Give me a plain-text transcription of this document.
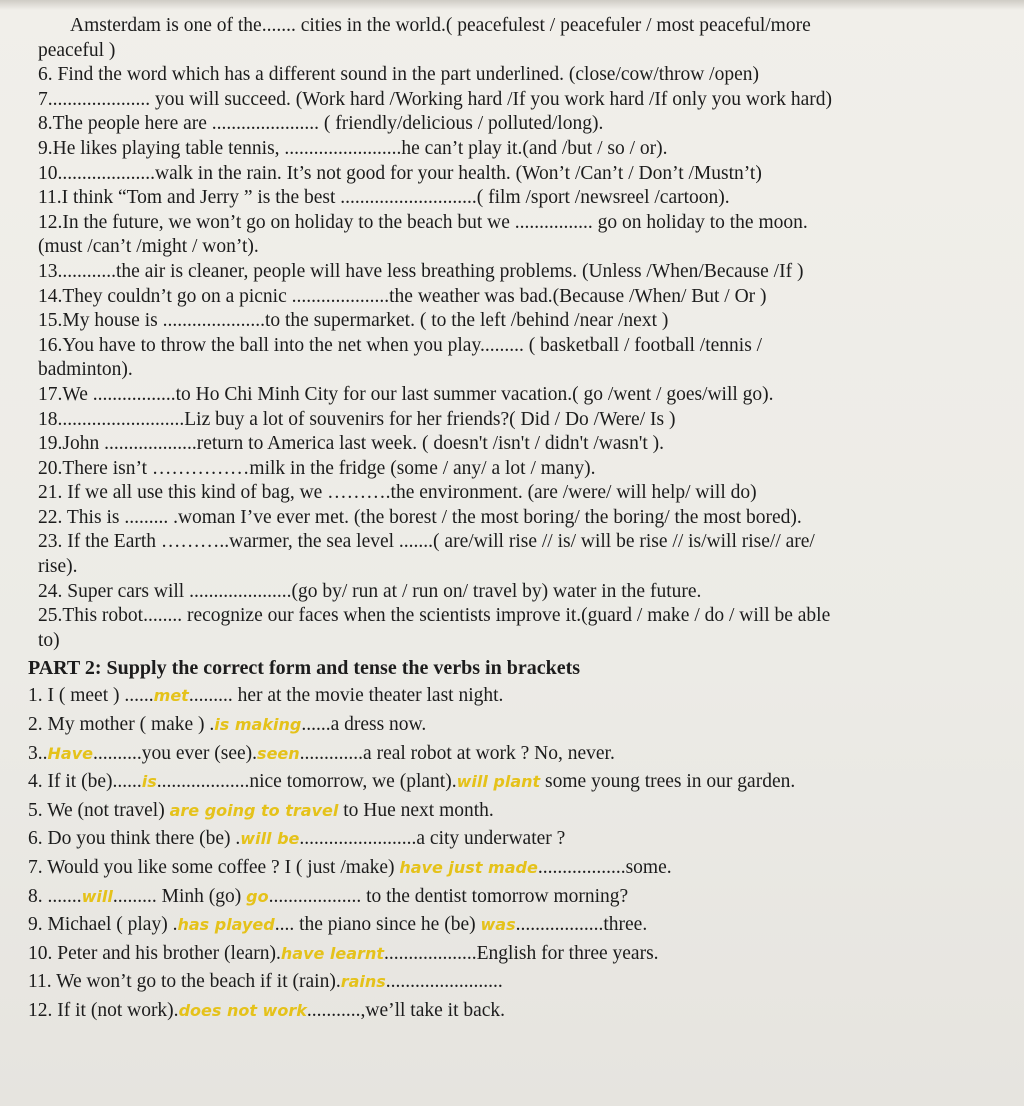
Amsterdam is one of the....... cities in the world.( peacefulest / peacefuler / most peaceful/more
peaceful )
6. Find the word which has a different sound in the part underlined. (close/cow/throw /open)
7..................... you will succeed. (Work hard /Working hard /If you work hard /If only you work hard)
8.The people here are ...................... ( friendly/delicious / polluted/long).
9.He likes playing table tennis, ........................he can’t play it.(and /but / so / or).
10....................walk in the rain. It’s not good for your health. (Won’t /Can’t / Don’t /Mustn’t)
11.I think “Tom and Jerry ” is the best ............................( film /sport /newsreel /cartoon).
12.In the future, we won’t go on holiday to the beach but we ................ go on holiday to the moon.
(must /can’t /might / won’t).
13............the air is cleaner, people will have less breathing problems. (Unless /When/Because /If )
14.They couldn’t go on a picnic ....................the weather was bad.(Because /When/ But / Or )
15.My house is .....................to the supermarket. ( to the left /behind /near /next )
16.You have to throw the ball into the net when you play......... ( basketball / football /tennis /
badminton).
17.We .................to Ho Chi Minh City for our last summer vacation.( go /went / goes/will go).
18..........................Liz buy a lot of souvenirs for her friends?( Did / Do /Were/ Is )
19.John ...................return to America last week. ( doesn't /isn't / didn't /wasn't ).
20.There isn’t ……………milk in the fridge (some / any/ a lot / many).
21. If we all use this kind of bag, we ……….the environment. (are /were/ will help/ will do)
22. This is ......... .woman I’ve ever met. (the borest / the most boring/ the boring/ the most bored).
23. If the Earth ………..warmer, the sea level .......( are/will rise // is/ will be rise // is/will rise// are/
rise).
24. Super cars will .....................(go by/ run at / run on/ travel by) water in the future.
25.This robot........ recognize our faces when the scientists improve it.(guard / make / do / will be able
to)
PART 2: Supply the correct form and tense the verbs in brackets
1. I ( meet ) ......met......... her at the movie theater last night.
2. My mother ( make ) .is making......a dress now.
3..Have..........you ever (see).seen.............a real robot at work ? No, never.
4. If it (be)......is...................nice tomorrow, we (plant).will plant some young trees in our garden.
5. We (not travel) are going to travel to Hue next month.
6. Do you think there (be) .will be........................a city underwater ?
7. Would you like some coffee ? I ( just /make) have just made..................some.
8. .......will......... Minh (go) go................... to the dentist tomorrow morning?
9. Michael ( play) .has played.... the piano since he (be) was..................three.
10. Peter and his brother (learn).have learnt...................English for three years.
11. We won’t go to the beach if it (rain).rains........................
12. If it (not work).does not work...........,we’ll take it back.
